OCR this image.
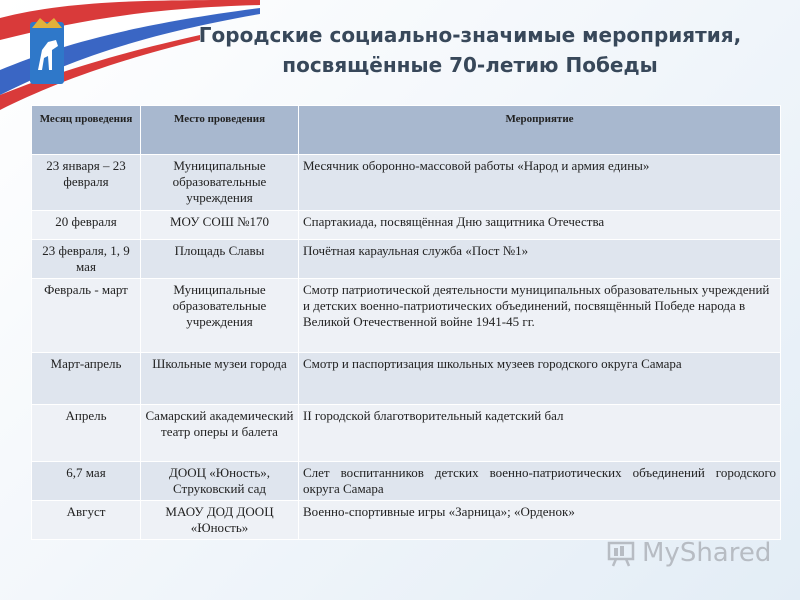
Городские социально-значимые мероприятия,
посвящённые 70-летию Победы
Месяц проведения	Место проведения	Мероприятие
23 января – 23 февраля	Муниципальные образовательные учреждения	Месячник оборонно-массовой работы «Народ и армия едины»
20 февраля	МОУ СОШ №170	Спартакиада, посвящённая Дню защитника Отечества
23 февраля, 1, 9 мая	Площадь Славы	Почётная караульная служба «Пост №1»
Февраль - март	Муниципальные образовательные учреждения	Смотр патриотической деятельности муниципальных образовательных учреждений и детских военно-патриотических объединений, посвящённый Победе народа в Великой Отечественной войне 1941-45 гг.
Март-апрель	Школьные музеи города	Смотр и паспортизация школьных музеев городского округа Самара
Апрель	Самарский академический театр оперы и балета	II городской благотворительный кадетский бал
6,7 мая	ДООЦ «Юность», Струковский сад	Слет воспитанников детских военно-патриотических объединений городского округа Самара
Август	МАОУ ДОД ДООЦ «Юность»	Военно-спортивные игры «Зарница»; «Орденок»
MyShared
